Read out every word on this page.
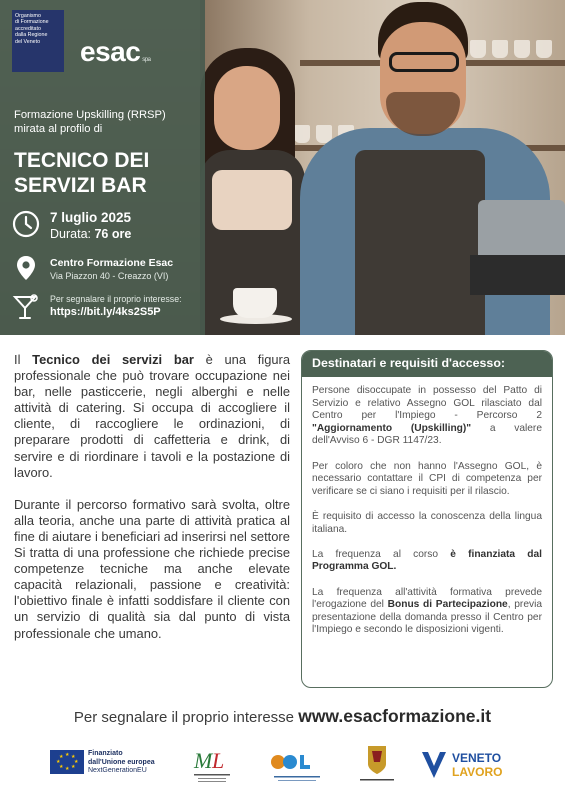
Organismo
di Formazione
accreditato
dalla Regione
del Veneto	esac spa
Formazione Upskilling (RRSP)
mirata al profilo di
TECNICO DEI
SERVIZI BAR
7 luglio 2025
Durata: 76 ore
Centro Formazione Esac
Via Piazzon 40 - Creazzo (VI)
Per segnalare il proprio interesse:
https://bit.ly/4ks2S5P

Il Tecnico dei servizi bar è una figura professionale che può trovare occupazione nei bar, nelle pasticcerie, negli alberghi e nelle attività di catering. Si occupa di accogliere il cliente, di raccogliere le ordinazioni, di preparare prodotti di caffetteria e drink, di servire e di riordinare i tavoli e la postazione di lavoro.

Durante il percorso formativo sarà svolta, oltre alla teoria, anche una parte di attività pratica al fine di aiutare i beneficiari ad inserirsi nel settore

Si tratta di una professione che richiede precise competenze tecniche ma anche elevate capacità relazionali, passione e creatività: l'obiettivo finale è infatti soddisfare il cliente con un servizio di qualità sia dal punto di vista professionale che umano.

Destinatari e requisiti d'accesso:

Persone disoccupate in possesso del Patto di Servizio e relativo Assegno GOL rilasciato dal Centro per l'Impiego - Percorso 2 "Aggiornamento (Upskilling)" a valere dell'Avviso 6 - DGR 1147/23.

Per coloro che non hanno l'Assegno GOL, è necessario contattare il CPI di competenza per verificare se ci siano i requisiti per il rilascio.

È requisito di accesso la conoscenza della lingua italiana.

La frequenza al corso è finanziata dal Programma GOL.

La frequenza all'attività formativa prevede l'erogazione del Bonus di Partecipazione, previa presentazione della domanda presso il Centro per l'Impiego e secondo le disposizioni vigenti.

Per segnalare il proprio interesse www.esacformazione.it
★ ★
★
★
★
★
★
★	Finanziato
dall'Unione europea
NextGenerationEU	M L	VENETO
LAVORO
